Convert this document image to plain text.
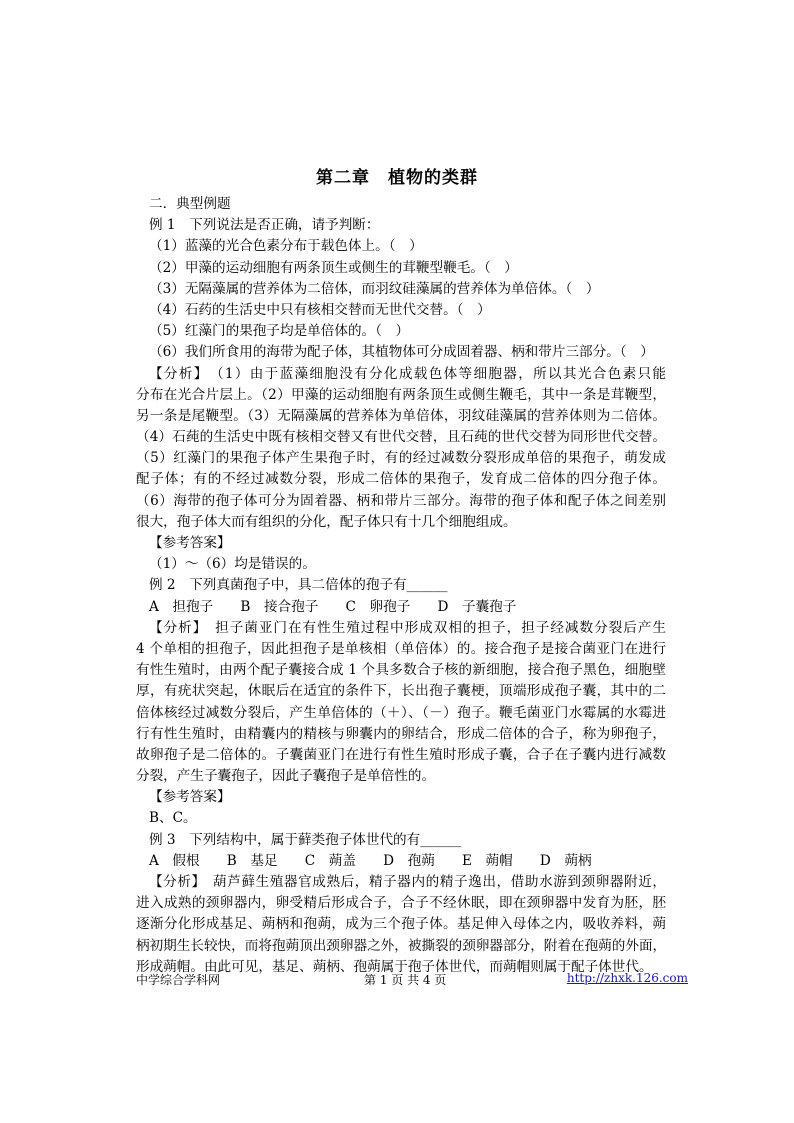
第二章　植物的类群
二．典型例题
例 1　下列说法是否正确，请予判断：
（1）蓝藻的光合色素分布于载色体上。（　）
（2）甲藻的运动细胞有两条顶生或侧生的茸鞭型鞭毛。（　）
（3）无隔藻属的营养体为二倍体，而羽纹硅藻属的营养体为单倍体。（　）
（4）石药的生活史中只有核相交替而无世代交替。（　）
（5）红藻门的果孢子均是单倍体的。（　）
（6）我们所食用的海带为配子体，其植物体可分成固着器、柄和带片三部分。（　）
【分析】　（1）由于蓝藻细胞没有分化成载色体等细胞器，所以其光合色素只能
分布在光合片层上。（2）甲藻的运动细胞有两条顶生或侧生鞭毛，其中一条是茸鞭型，
另一条是尾鞭型。（3）无隔藻属的营养体为单倍体，羽纹硅藻属的营养体则为二倍体。
（4）石莼的生活史中既有核相交替又有世代交替，且石莼的世代交替为同形世代交替。
（5）红藻门的果孢子体产生果孢子时，有的经过减数分裂形成单倍的果孢子，萌发成
配子体；有的不经过减数分裂，形成二倍体的果孢子，发育成二倍体的四分孢子体。
（6）海带的孢子体可分为固着器、柄和带片三部分。海带的孢子体和配子体之间差别
很大，孢子体大而有组织的分化，配子体只有十几个细胞组成。
【参考答案】
（1）～（6）均是错误的。
例 2　下列真菌孢子中，具二倍体的孢子有______
A　担孢子　　B　接合孢子　　C　卵孢子　　D　子囊孢子
【分析】　担子菌亚门在有性生殖过程中形成双相的担子，担子经减数分裂后产生
4 个单相的担孢子，因此担孢子是单核相（单倍体）的。接合孢子是接合菌亚门在进行
有性生殖时，由两个配子囊接合成 1 个具多数合子核的新细胞，接合孢子黑色，细胞壁
厚，有疣状突起，休眠后在适宜的条件下，长出孢子囊梗，顶端形成孢子囊，其中的二
倍体核经过减数分裂后，产生单倍体的（＋）、（－）孢子。鞭毛菌亚门水霉属的水霉进
行有性生殖时，由精囊内的精核与卵囊内的卵结合，形成二倍体的合子，称为卵孢子，
故卵孢子是二倍体的。子囊菌亚门在进行有性生殖时形成子囊，合子在子囊内进行减数
分裂，产生子囊孢子，因此子囊孢子是单倍性的。
【参考答案】
B、C。
例 3　下列结构中，属于藓类孢子体世代的有______
A　假根　　B　基足　　C　蒴盖　　D　孢蒴　　E　蒴帽　　D　蒴柄
【分析】　葫芦藓生殖器官成熟后，精子器内的精子逸出，借助水游到颈卵器附近，
进入成熟的颈卵器内，卵受精后形成合子，合子不经休眠，即在颈卵器中发育为胚，胚
逐渐分化形成基足、蒴柄和孢蒴，成为三个孢子体。基足伸入母体之内，吸收养料，蒴
柄初期生长较快，而将孢蒴顶出颈卵器之外，被撕裂的颈卵器部分，附着在孢蒴的外面，
形成蒴帽。由此可见，基足、蒴柄、孢蒴属于孢子体世代，而蒴帽则属于配子体世代。
中学综合学科网	第 1 页 共 4 页	http://zhxk.126.com
